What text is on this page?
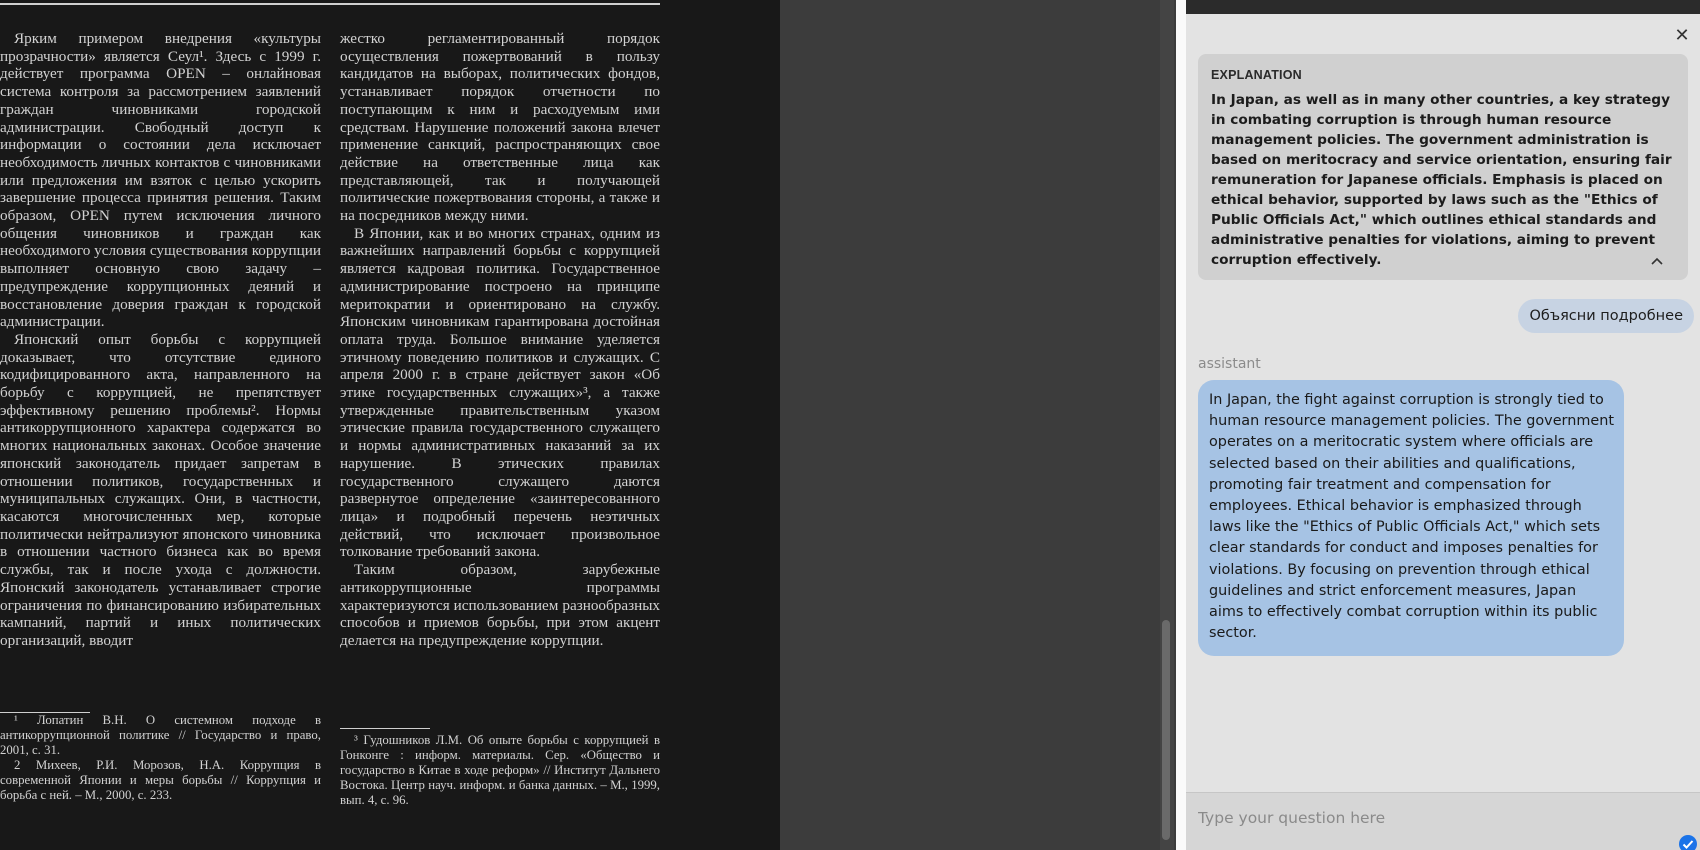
Ярким примером внедрения «культуры прозрачности» является Сеул¹. Здесь с 1999 г. действует программа OPEN – онлайновая система контроля за рассмотрением заявлений граждан чиновниками городской администрации. Свободный доступ к информации о состоянии дела исключает необходимость личных контактов с чиновниками или предложения им взяток с целью ускорить завершение процесса принятия решения. Таким образом, OPEN путем исключения личного общения чиновников и граждан как необходимого условия существования коррупции выполняет основную свою задачу – предупреждение коррупционных деяний и восстановление доверия граждан к городской администрации.

Японский опыт борьбы с коррупцией доказывает, что отсутствие единого кодифицированного акта, направленного на борьбу с коррупцией, не препятствует эффективному решению проблемы². Нормы антикоррупционного характера содержатся во многих национальных законах. Особое значение японский законодатель придает запретам в отношении политиков, государственных и муниципальных служащих. Они, в частности, касаются многочисленных мер, которые политически нейтрализуют японского чиновника в отношении частного бизнеса как во время службы, так и после ухода с должности. Японский законодатель устанавливает строгие ограничения по финансированию избирательных кампаний, партий и иных политических организаций, вводит

жестко регламентированный порядок осуществления пожертвований в пользу кандидатов на выборах, политических фондов, устанавливает порядок отчетности по поступающим к ним и расходуемым ими средствам. Нарушение положений закона влечет применение санкций, распространяющих свое действие на ответственные лица как представляющей, так и получающей политические пожертвования стороны, а также и на посредников между ними.

В Японии, как и во многих странах, одним из важнейших направлений борьбы с коррупцией является кадровая политика. Государственное администрирование построено на принципе меритократии и ориентировано на службу. Японским чиновникам гарантирована достойная оплата труда. Большое внимание уделяется этичному поведению политиков и служащих. С апреля 2000 г. в стране действует закон «Об этике государственных служащих»³, а также утвержденные правительственным указом этические правила государственного служащего и нормы административных наказаний за их нарушение. В этических правилах государственного служащего даются развернутое определение «заинтересованного лица» и подробный перечень неэтичных действий, что исключает произвольное толкование требований закона.

Таким образом, зарубежные антикоррупционные программы характеризуются использованием разнообразных способов и приемов борьбы, при этом акцент делается на предупреждение коррупции.

¹ Лопатин В.Н. О системном подходе в антикоррупционной политике // Государство и право, 2001, с. 31.

2 Михеев, Р.И. Морозов, Н.А. Коррупция в современной Японии и меры борьбы // Коррупция и борьба с ней. – М., 2000, с. 233.

³ Гудошников Л.М. Об опыте борьбы с коррупцией в Гонконге : информ. материалы. Сер. «Общество и государство в Китае в ходе реформ» // Институт Дальнего Востока. Центр науч. информ. и банка данных. – М., 1999, вып. 4, с. 96.

✕
EXPLANATION
In Japan, as well as in many other countries, a key strategy in combating corruption is through human resource management policies. The government administration is based on meritocracy and service orientation, ensuring fair remuneration for Japanese officials. Emphasis is placed on ethical behavior, supported by laws such as the "Ethics of Public Officials Act," which outlines ethical standards and administrative penalties for violations, aiming to prevent corruption effectively.
Объясни подробнее
assistant
In Japan, the fight against corruption is strongly tied to human resource management policies. The government operates on a meritocratic system where officials are selected based on their abilities and qualifications, promoting fair treatment and compensation for employees. Ethical behavior is emphasized through laws like the "Ethics of Public Officials Act," which sets clear standards for conduct and imposes penalties for violations. By focusing on prevention through ethical guidelines and strict enforcement measures, Japan aims to effectively combat corruption within its public sector.
Type your question here
